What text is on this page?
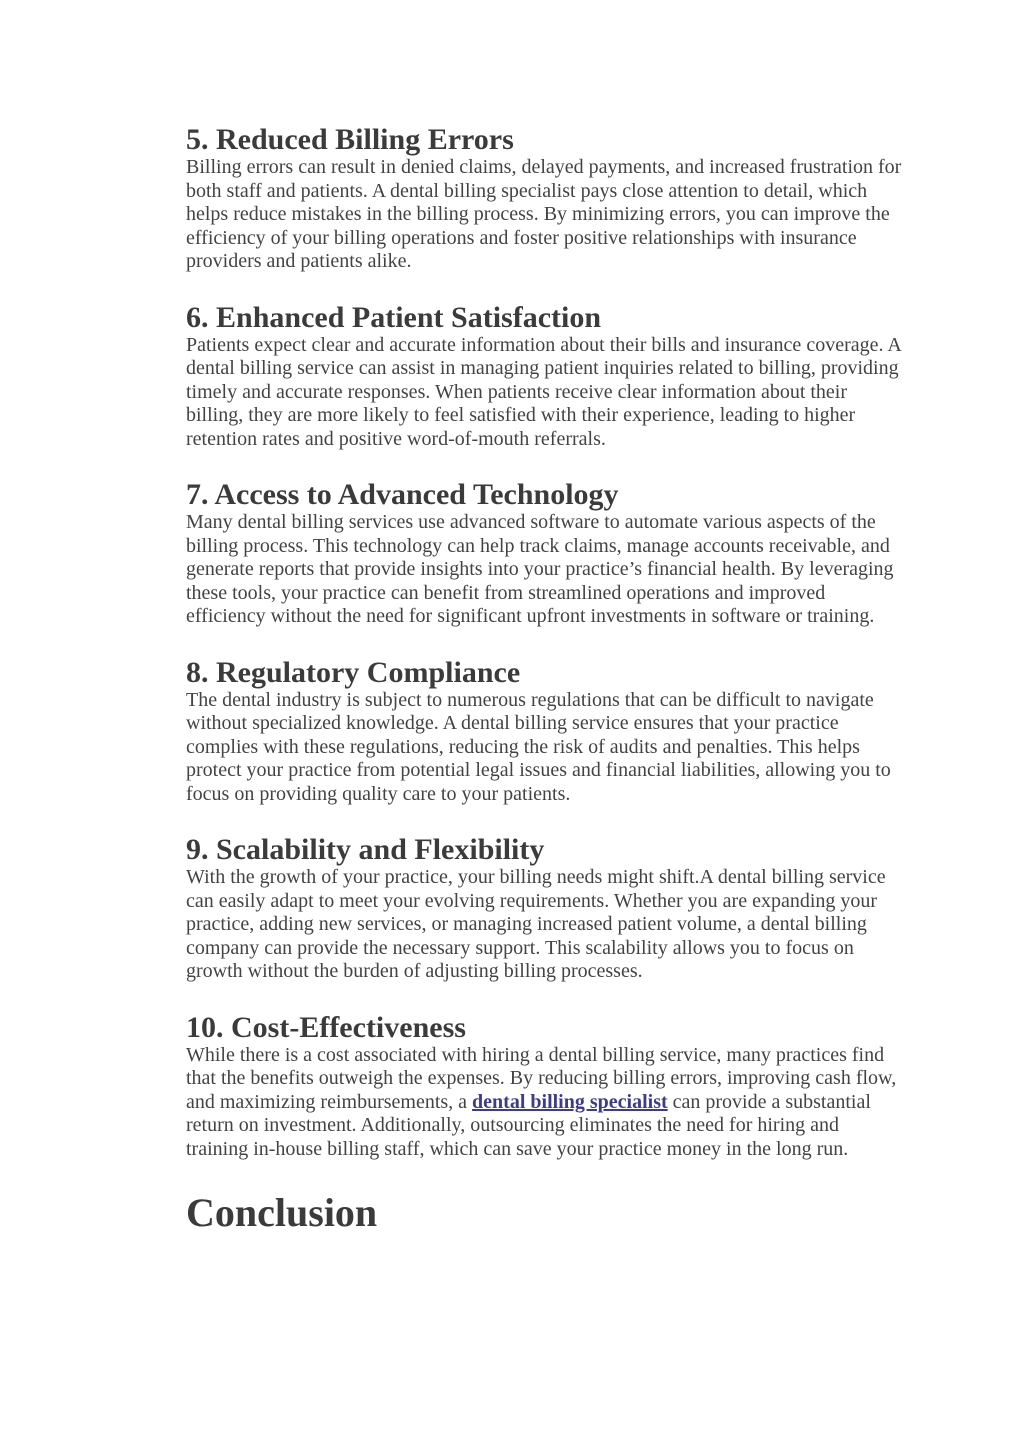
5. Reduced Billing Errors

Billing errors can result in denied claims, delayed payments, and increased frustration for both staff and patients. A dental billing specialist pays close attention to detail, which helps reduce mistakes in the billing process. By minimizing errors, you can improve the efficiency of your billing operations and foster positive relationships with insurance providers and patients alike.

6. Enhanced Patient Satisfaction

Patients expect clear and accurate information about their bills and insurance coverage. A dental billing service can assist in managing patient inquiries related to billing, providing timely and accurate responses. When patients receive clear information about their billing, they are more likely to feel satisfied with their experience, leading to higher retention rates and positive word-of-mouth referrals.

7. Access to Advanced Technology

Many dental billing services use advanced software to automate various aspects of the billing process. This technology can help track claims, manage accounts receivable, and generate reports that provide insights into your practice’s financial health. By leveraging these tools, your practice can benefit from streamlined operations and improved efficiency without the need for significant upfront investments in software or training.

8. Regulatory Compliance

The dental industry is subject to numerous regulations that can be difficult to navigate without specialized knowledge. A dental billing service ensures that your practice complies with these regulations, reducing the risk of audits and penalties. This helps protect your practice from potential legal issues and financial liabilities, allowing you to focus on providing quality care to your patients.

9. Scalability and Flexibility

With the growth of your practice, your billing needs might shift.A dental billing service can easily adapt to meet your evolving requirements. Whether you are expanding your practice, adding new services, or managing increased patient volume, a dental billing company can provide the necessary support. This scalability allows you to focus on growth without the burden of adjusting billing processes.

10. Cost-Effectiveness

While there is a cost associated with hiring a dental billing service, many practices find that the benefits outweigh the expenses. By reducing billing errors, improving cash flow, and maximizing reimbursements, a dental billing specialist can provide a substantial return on investment. Additionally, outsourcing eliminates the need for hiring and training in-house billing staff, which can save your practice money in the long run.

Conclusion
